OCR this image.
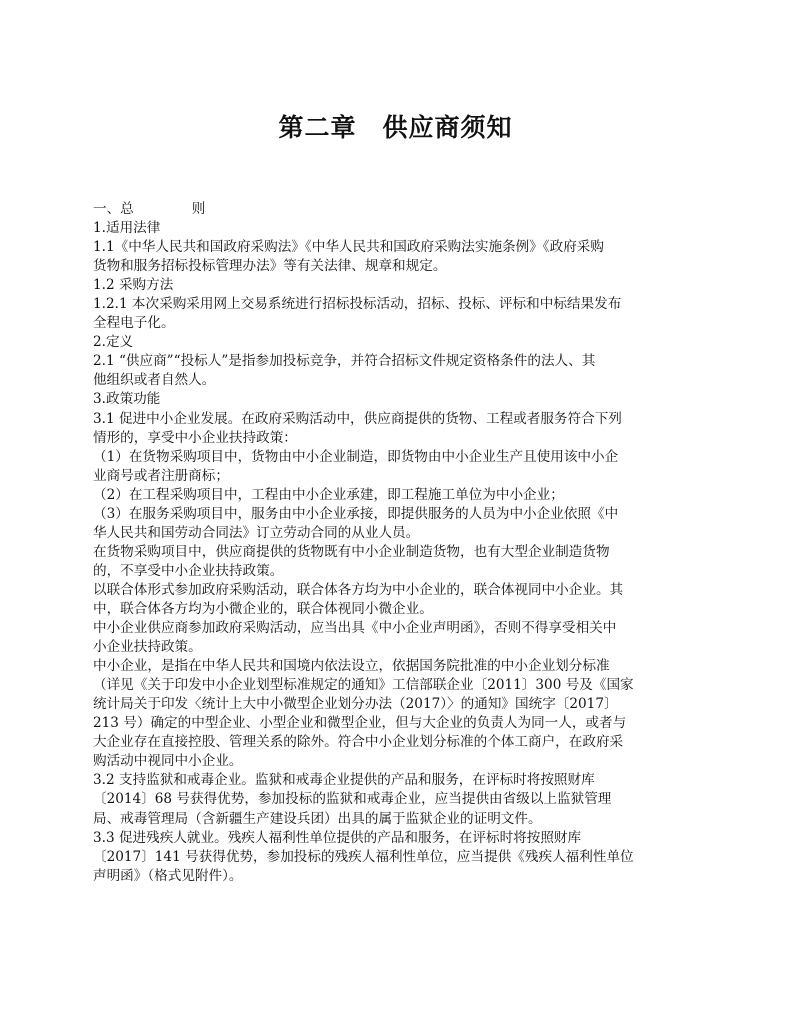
第二章 供应商须知
一、总	则
1.适用法律
1.1《中华人民共和国政府采购法》《中华人民共和国政府采购法实施条例》《政府采购
货物和服务招标投标管理办法》等有关法律、规章和规定。
1.2 采购方法
1.2.1 本次采购采用网上交易系统进行招标投标活动，招标、投标、评标和中标结果发布
全程电子化。
2.定义
2.1 “供应商”“投标人”是指参加投标竞争，并符合招标文件规定资格条件的法人、其
他组织或者自然人。
3.政策功能
3.1 促进中小企业发展。在政府采购活动中，供应商提供的货物、工程或者服务符合下列
情形的，享受中小企业扶持政策：
（1）在货物采购项目中，货物由中小企业制造，即货物由中小企业生产且使用该中小企
业商号或者注册商标；
（2）在工程采购项目中，工程由中小企业承建，即工程施工单位为中小企业；
（3）在服务采购项目中，服务由中小企业承接，即提供服务的人员为中小企业依照《中
华人民共和国劳动合同法》订立劳动合同的从业人员。
在货物采购项目中，供应商提供的货物既有中小企业制造货物，也有大型企业制造货物
的，不享受中小企业扶持政策。
以联合体形式参加政府采购活动，联合体各方均为中小企业的，联合体视同中小企业。其
中，联合体各方均为小微企业的，联合体视同小微企业。
中小企业供应商参加政府采购活动，应当出具《中小企业声明函》，否则不得享受相关中
小企业扶持政策。
中小企业，是指在中华人民共和国境内依法设立，依据国务院批准的中小企业划分标准
（详见《关于印发中小企业划型标准规定的通知》工信部联企业〔2011〕300 号及《国家
统计局关于印发〈统计上大中小微型企业划分办法（2017）〉的通知》国统字〔2017〕
213 号）确定的中型企业、小型企业和微型企业，但与大企业的负责人为同一人，或者与
大企业存在直接控股、管理关系的除外。符合中小企业划分标准的个体工商户，在政府采
购活动中视同中小企业。
3.2 支持监狱和戒毒企业。监狱和戒毒企业提供的产品和服务，在评标时将按照财库
〔2014〕68 号获得优势，参加投标的监狱和戒毒企业，应当提供由省级以上监狱管理
局、戒毒管理局（含新疆生产建设兵团）出具的属于监狱企业的证明文件。
3.3 促进残疾人就业。残疾人福利性单位提供的产品和服务，在评标时将按照财库
〔2017〕141 号获得优势，参加投标的残疾人福利性单位，应当提供《残疾人福利性单位
声明函》（格式见附件）。
